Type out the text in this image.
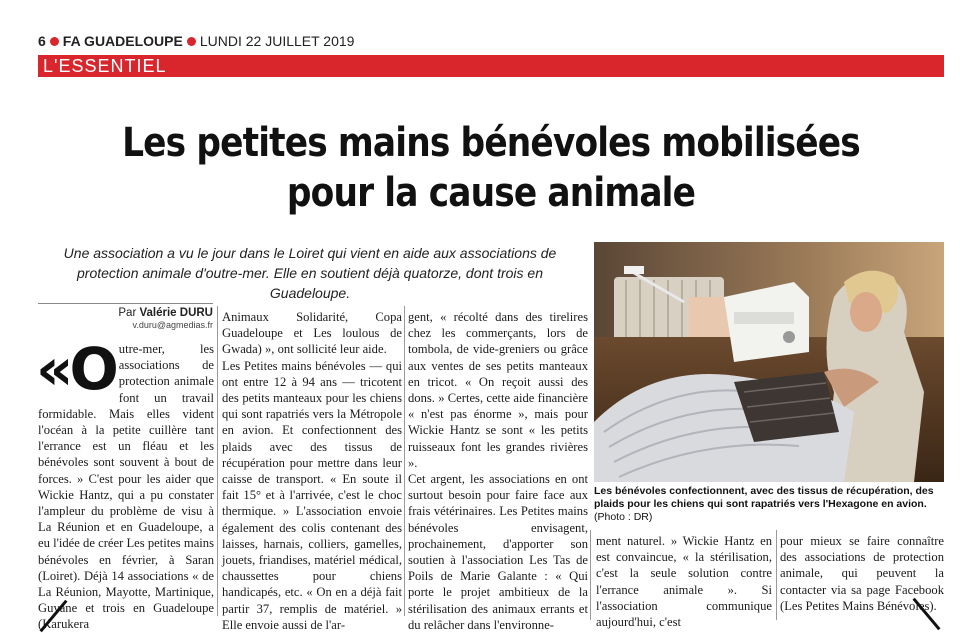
6 FA GUADELOUPE LUNDI 22 JUILLET 2019
L'ESSENTIEL
Les petites mains bénévoles mobilisées
pour la cause animale
Une association a vu le jour dans le Loiret qui vient en aide aux associations de protection animale d'outre-mer. Elle en soutient déjà quatorze, dont trois en Guadeloupe.
Les bénévoles confectionnent, avec des tissus de récupération, des plaids pour les chiens qui sont rapatriés vers l'Hexagone en avion. (Photo : DR)
Par Valérie DURU
v.duru@agmedias.fr

«Outre-mer, les associations de protection animale font un travail formidable. Mais elles vident l'océan à la petite cuillère tant l'errance est un fléau et les bénévoles sont souvent à bout de forces. » C'est pour les aider que Wickie Hantz, qui a pu constater l'ampleur du problème de visu à La Réunion et en Guadeloupe, a eu l'idée de créer Les petites mains bénévoles en février, à Saran (Loiret). Déjà 14 associations « de La Réunion, Mayotte, Martinique, Guyane et trois en Guadeloupe (Karukera

Animaux Solidarité, Copa Guadeloupe et Les loulous de Gwada) », ont sollicité leur aide.

Les Petites mains bénévoles — qui ont entre 12 à 94 ans — tricotent des petits manteaux pour les chiens qui sont rapatriés vers la Métropole en avion. Et confectionnent des plaids avec des tissus de récupération pour mettre dans leur caisse de transport. « En soute il fait 15° et à l'arrivée, c'est le choc thermique. » L'association envoie également des colis contenant des laisses, harnais, colliers, gamelles, jouets, friandises, matériel médical, chaussettes pour chiens handicapés, etc. « On en a déjà fait partir 37, remplis de matériel. » Elle envoie aussi de l'ar-

gent, « récolté dans des tirelires chez les commerçants, lors de tombola, de vide-greniers ou grâce aux ventes de ses petits manteaux en tricot. « On reçoit aussi des dons. » Certes, cette aide financière « n'est pas énorme », mais pour Wickie Hantz se sont « les petits ruisseaux font les grandes rivières ».

Cet argent, les associations en ont surtout besoin pour faire face aux frais vétérinaires. Les Petites mains bénévoles envisagent, prochainement, d'apporter son soutien à l'association Les Tas de Poils de Marie Galante : « Qui porte le projet ambitieux de la stérilisation des animaux errants et du relâcher dans l'environne-

ment naturel. » Wickie Hantz en est convaincue, « la stérilisation, c'est la seule solution contre l'errance animale ». Si l'association communique aujourd'hui, c'est

pour mieux se faire connaître des associations de protection animale, qui peuvent la contacter via sa page Facebook (Les Petites Mains Bénévoles).
